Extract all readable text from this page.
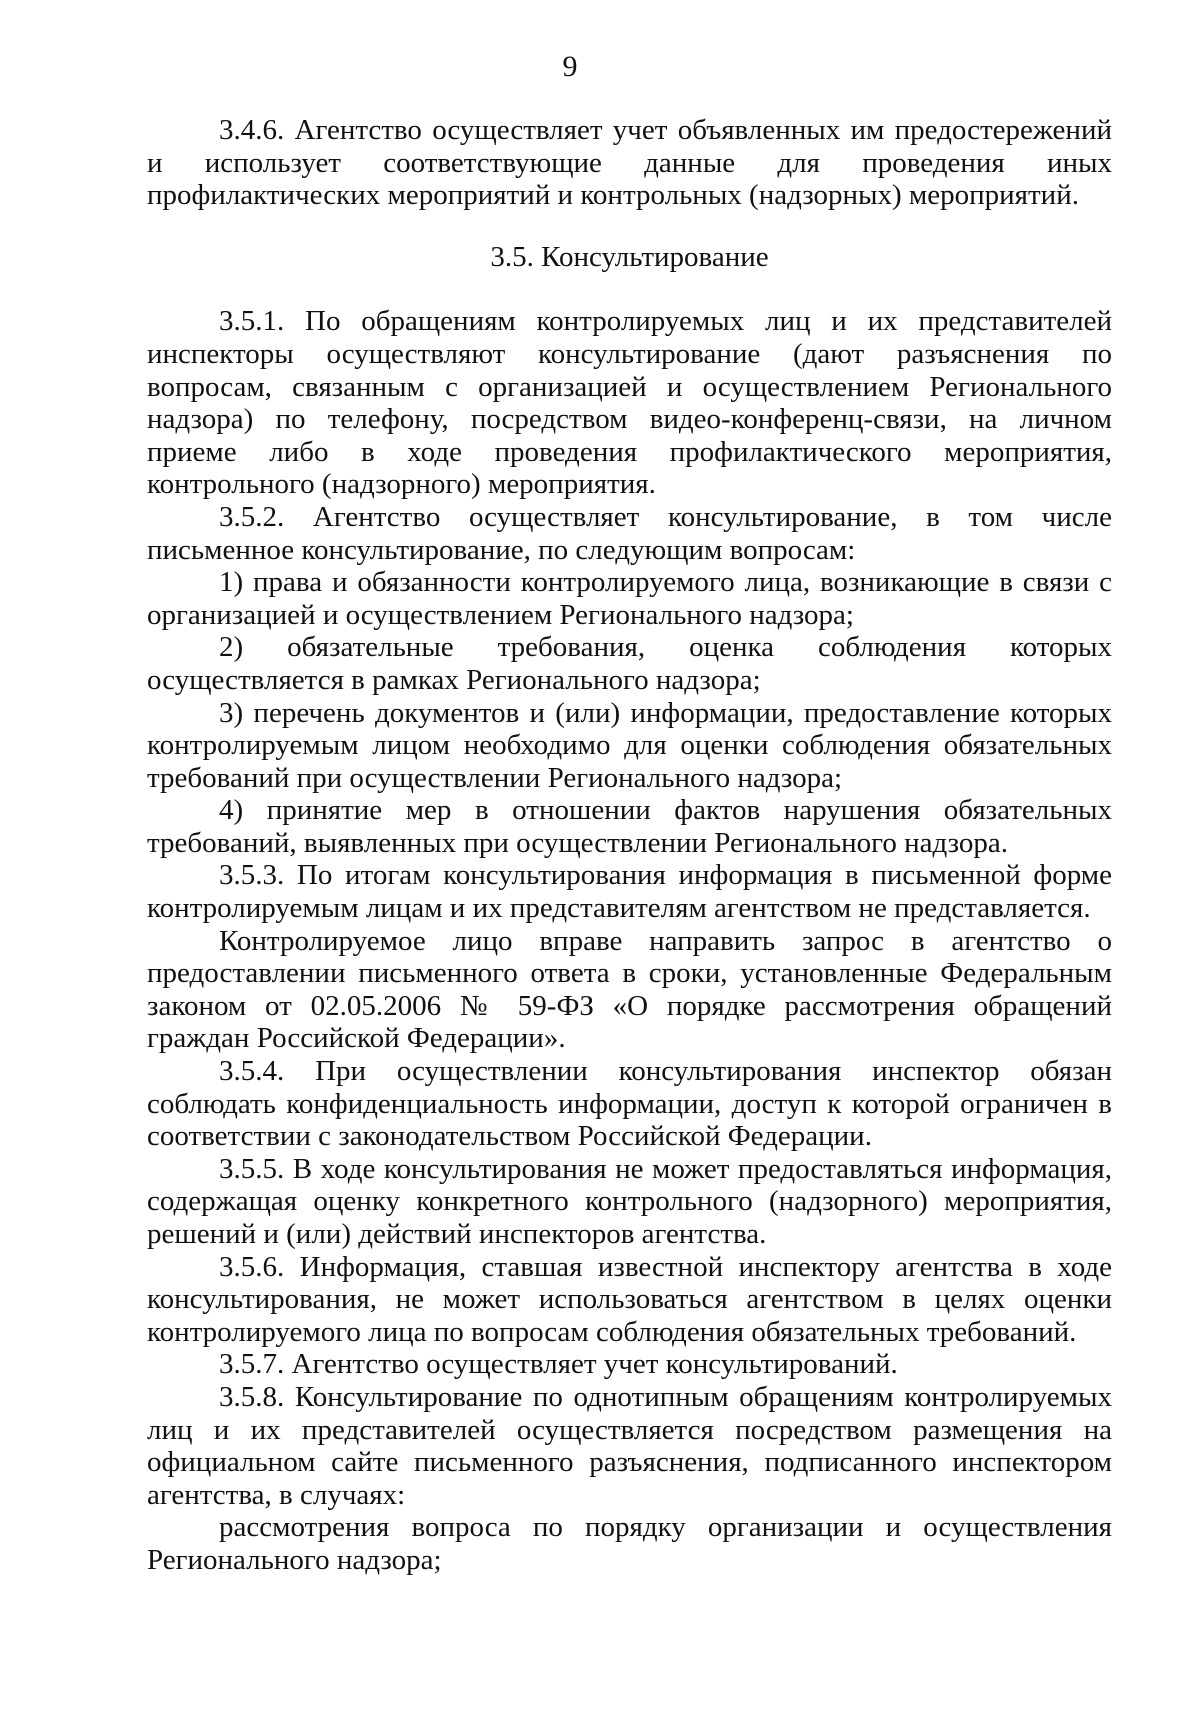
9

3.4.6. Агентство осуществляет учет объявленных им предостережений и использует соответствующие данные для проведения иных профилактических мероприятий и контрольных (надзорных) мероприятий.

3.5. Консультирование

3.5.1. По обращениям контролируемых лиц и их представителей инспекторы осуществляют консультирование (дают разъяснения по вопросам, связанным с организацией и осуществлением Регионального надзора) по телефону, посредством видео-конференц-связи, на личном приеме либо в ходе проведения профилактического мероприятия, контрольного (надзорного) мероприятия.

3.5.2. Агентство осуществляет консультирование, в том числе письменное консультирование, по следующим вопросам:

1) права и обязанности контролируемого лица, возникающие в связи с организацией и осуществлением Регионального надзора;

2) обязательные требования, оценка соблюдения которых осуществляется в рамках Регионального надзора;

3) перечень документов и (или) информации, предоставление которых контролируемым лицом необходимо для оценки соблюдения обязательных требований при осуществлении Регионального надзора;

4) принятие мер в отношении фактов нарушения обязательных требований, выявленных при осуществлении Регионального надзора.

3.5.3. По итогам консультирования информация в письменной форме контролируемым лицам и их представителям агентством не представляется.

Контролируемое лицо вправе направить запрос в агентство о предоставлении письменного ответа в сроки, установленные Федеральным законом от 02.05.2006 № 59-ФЗ «О порядке рассмотрения обращений граждан Российской Федерации».

3.5.4. При осуществлении консультирования инспектор обязан соблюдать конфиденциальность информации, доступ к которой ограничен в соответствии с законодательством Российской Федерации.

3.5.5. В ходе консультирования не может предоставляться информация, содержащая оценку конкретного контрольного (надзорного) мероприятия, решений и (или) действий инспекторов агентства.

3.5.6. Информация, ставшая известной инспектору агентства в ходе консультирования, не может использоваться агентством в целях оценки контролируемого лица по вопросам соблюдения обязательных требований.

3.5.7. Агентство осуществляет учет консультирований.

3.5.8. Консультирование по однотипным обращениям контролируемых лиц и их представителей осуществляется посредством размещения на официальном сайте письменного разъяснения, подписанного инспектором агентства, в случаях:

рассмотрения вопроса по порядку организации и осуществления Регионального надзора;
